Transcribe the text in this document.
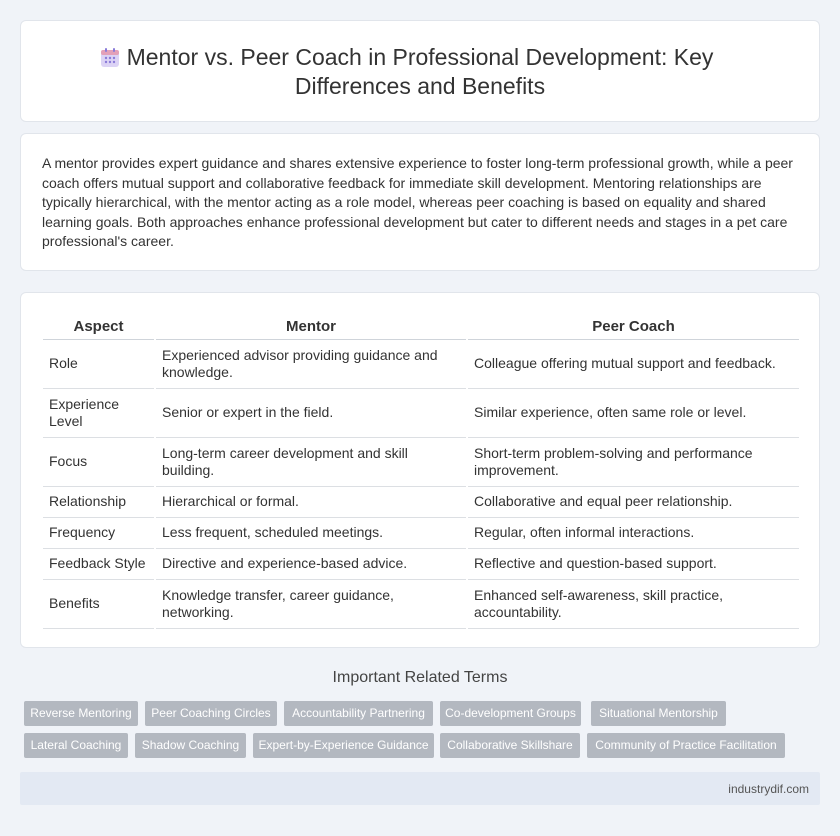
Mentor vs. Peer Coach in Professional Development: Key Differences and Benefits

A mentor provides expert guidance and shares extensive experience to foster long-term professional growth, while a peer coach offers mutual support and collaborative feedback for immediate skill development. Mentoring relationships are typically hierarchical, with the mentor acting as a role model, whereas peer coaching is based on equality and shared learning goals. Both approaches enhance professional development but cater to different needs and stages in a pet care professional's career.

Aspect	Mentor	Peer Coach
Role	Experienced advisor providing guidance and knowledge.	Colleague offering mutual support and feedback.
Experience Level	Senior or expert in the field.	Similar experience, often same role or level.
Focus	Long-term career development and skill building.	Short-term problem-solving and performance improvement.
Relationship	Hierarchical or formal.	Collaborative and equal peer relationship.
Frequency	Less frequent, scheduled meetings.	Regular, often informal interactions.
Feedback Style	Directive and experience-based advice.	Reflective and question-based support.
Benefits	Knowledge transfer, career guidance, networking.	Enhanced self-awareness, skill practice, accountability.
Important Related Terms
Reverse Mentoring	Peer Coaching Circles	Accountability Partnering	Co-development Groups	Situational Mentorship
Lateral Coaching	Shadow Coaching	Expert-by-Experience Guidance	Collaborative Skillshare	Community of Practice Facilitation
industrydif.com
